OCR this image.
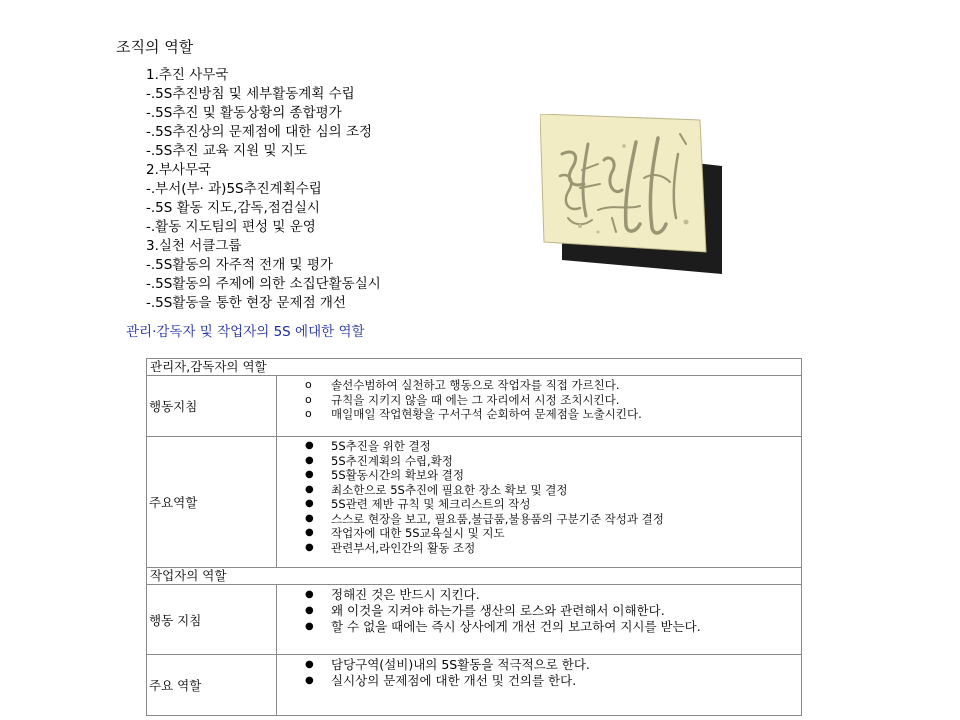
조직의 역할
1.추진 사무국
-.5S추진방침 및 세부활동계획 수립
-.5S추진 및 활동상황의 종합평가
-.5S추진상의 문제점에 대한 심의 조정
-.5S추진 교육 지원 및 지도
2.부사무국
-.부서(부· 과)5S추진계획수립
-.5S 활동 지도,감독,점검실시
-.활동 지도팀의 편성 및 운영
3.실천 서클그룹
-.5S활동의 자주적 전개 및 평가
-.5S활동의 주제에 의한 소집단활동실시
-.5S활동을 통한 현장 문제점 개선
관리·감독자 및 작업자의 5S 에대한 역할
관리자,감독자의 역할
행동지침
o	솔선수범하여 실천하고 행동으로 작업자를 직접 가르친다.
o	규칙을 지키지 않을 때 에는 그 자리에서 시정 조치시킨다.
o	매일매일 작업현황을 구서구석 순회하여 문제점을 노출시킨다.
주요역할
●	5S추진을 위한 결정
●	5S추진계획의 수립,확정
●	5S활동시간의 확보와 결정
●	최소한으로 5S추진에 필요한 장소 확보 및 결정
●	5S관련 제반 규칙 및 체크리스트의 작성
●	스스로 현장을 보고, 필요품,불급품,불용품의 구분기준 작성과 결정
●	작업자에 대한 5S교육실시 및 지도
●	관련부서,라인간의 활동 조정
작업자의 역할
행동 지침
●	정해진 것은 반드시 지킨다.
●	왜 이것을 지켜야 하는가를 생산의 로스와 관련해서 이해한다.
●	할 수 없을 때에는 즉시 상사에게 개선 건의 보고하여 지시를 받는다.
주요 역할
●	담당구역(설비)내의 5S활동을 적극적으로 한다.
●	실시상의 문제점에 대한 개선 및 건의를 한다.
